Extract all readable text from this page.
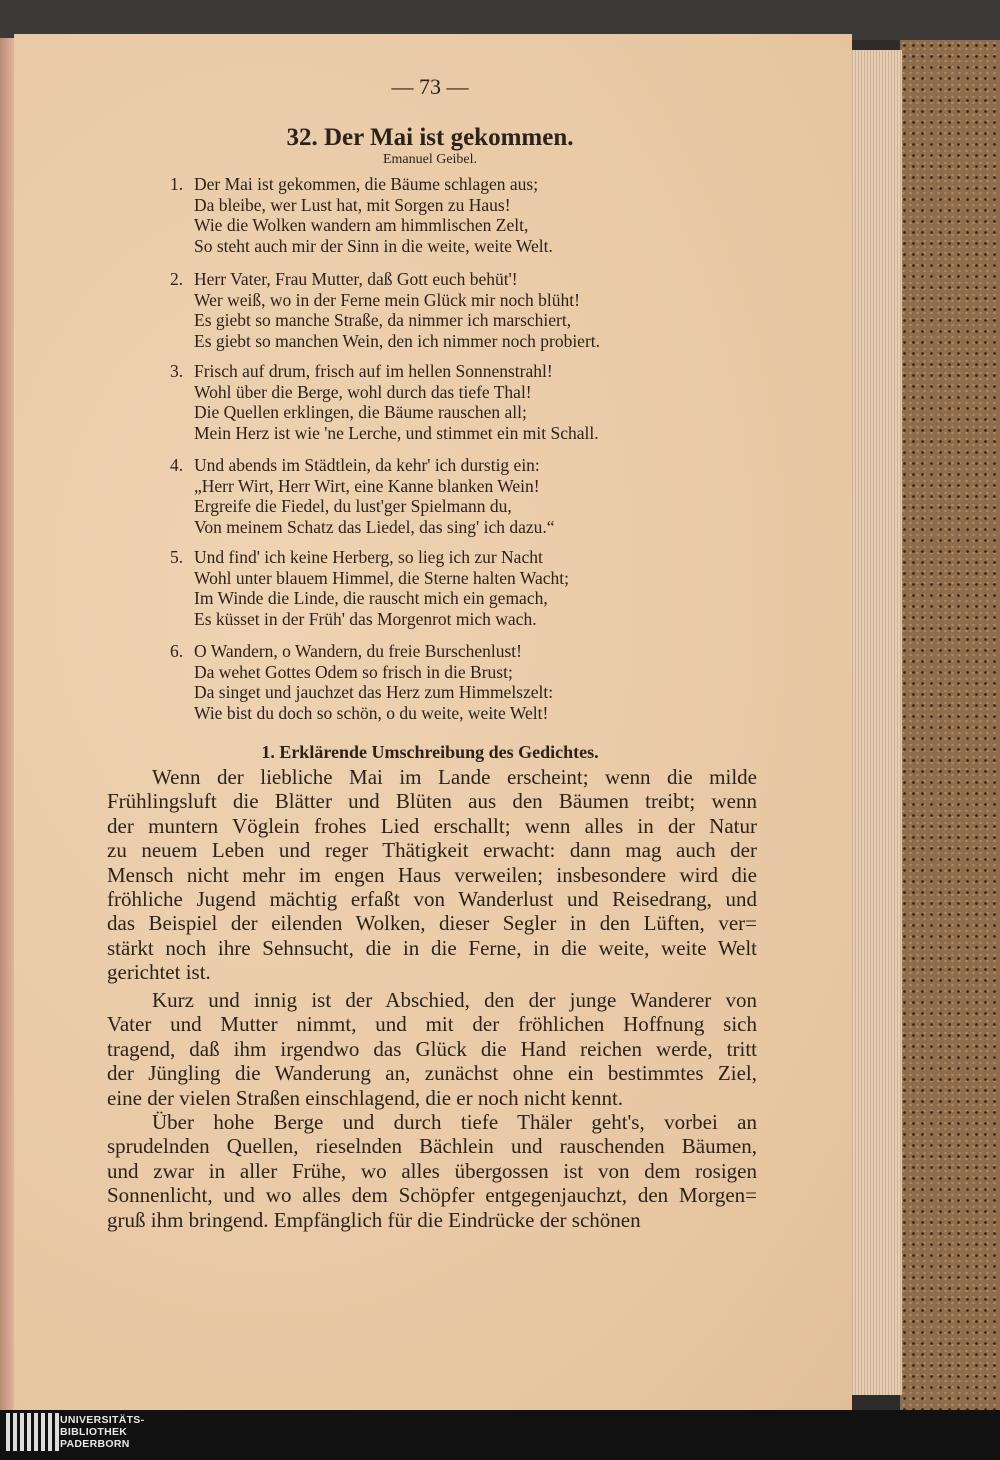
— 73 —
32. Der Mai ist gekommen.
Emanuel Geibel.
1. Der Mai ist gekommen, die Bäume schlagen aus;
Da bleibe, wer Lust hat, mit Sorgen zu Haus!
Wie die Wolken wandern am himmlischen Zelt,
So steht auch mir der Sinn in die weite, weite Welt.
2. Herr Vater, Frau Mutter, daß Gott euch behüt'!
Wer weiß, wo in der Ferne mein Glück mir noch blüht!
Es giebt so manche Straße, da nimmer ich marschiert,
Es giebt so manchen Wein, den ich nimmer noch probiert.
3. Frisch auf drum, frisch auf im hellen Sonnenstrahl!
Wohl über die Berge, wohl durch das tiefe Thal!
Die Quellen erklingen, die Bäume rauschen all;
Mein Herz ist wie 'ne Lerche, und stimmet ein mit Schall.
4. Und abends im Städtlein, da kehr' ich durstig ein:
„Herr Wirt, Herr Wirt, eine Kanne blanken Wein!
Ergreife die Fiedel, du lust'ger Spielmann du,
Von meinem Schatz das Liedel, das sing' ich dazu.“
5. Und find' ich keine Herberg, so lieg ich zur Nacht
Wohl unter blauem Himmel, die Sterne halten Wacht;
Im Winde die Linde, die rauscht mich ein gemach,
Es küsset in der Früh' das Morgenrot mich wach.
6. O Wandern, o Wandern, du freie Burschenlust!
Da wehet Gottes Odem so frisch in die Brust;
Da singet und jauchzet das Herz zum Himmelszelt:
Wie bist du doch so schön, o du weite, weite Welt!
1. Erklärende Umschreibung des Gedichtes.
Wenn der liebliche Mai im Lande erscheint; wenn die milde
Frühlingsluft die Blätter und Blüten aus den Bäumen treibt; wenn
der muntern Vöglein frohes Lied erschallt; wenn alles in der Natur
zu neuem Leben und reger Thätigkeit erwacht: dann mag auch der
Mensch nicht mehr im engen Haus verweilen; insbesondere wird die
fröhliche Jugend mächtig erfaßt von Wanderlust und Reisedrang, und
das Beispiel der eilenden Wolken, dieser Segler in den Lüften, ver=
stärkt noch ihre Sehnsucht, die in die Ferne, in die weite, weite Welt
gerichtet ist.
Kurz und innig ist der Abschied, den der junge Wanderer von
Vater und Mutter nimmt, und mit der fröhlichen Hoffnung sich
tragend, daß ihm irgendwo das Glück die Hand reichen werde, tritt
der Jüngling die Wanderung an, zunächst ohne ein bestimmtes Ziel,
eine der vielen Straßen einschlagend, die er noch nicht kennt.
Über hohe Berge und durch tiefe Thäler geht's, vorbei an
sprudelnden Quellen, rieselnden Bächlein und rauschenden Bäumen,
und zwar in aller Frühe, wo alles übergossen ist von dem rosigen
Sonnenlicht, und wo alles dem Schöpfer entgegenjauchzt, den Morgen=
gruß ihm bringend. Empfänglich für die Eindrücke der schönen
UNIVERSITÄTS-
BIBLIOTHEK
PADERBORN
